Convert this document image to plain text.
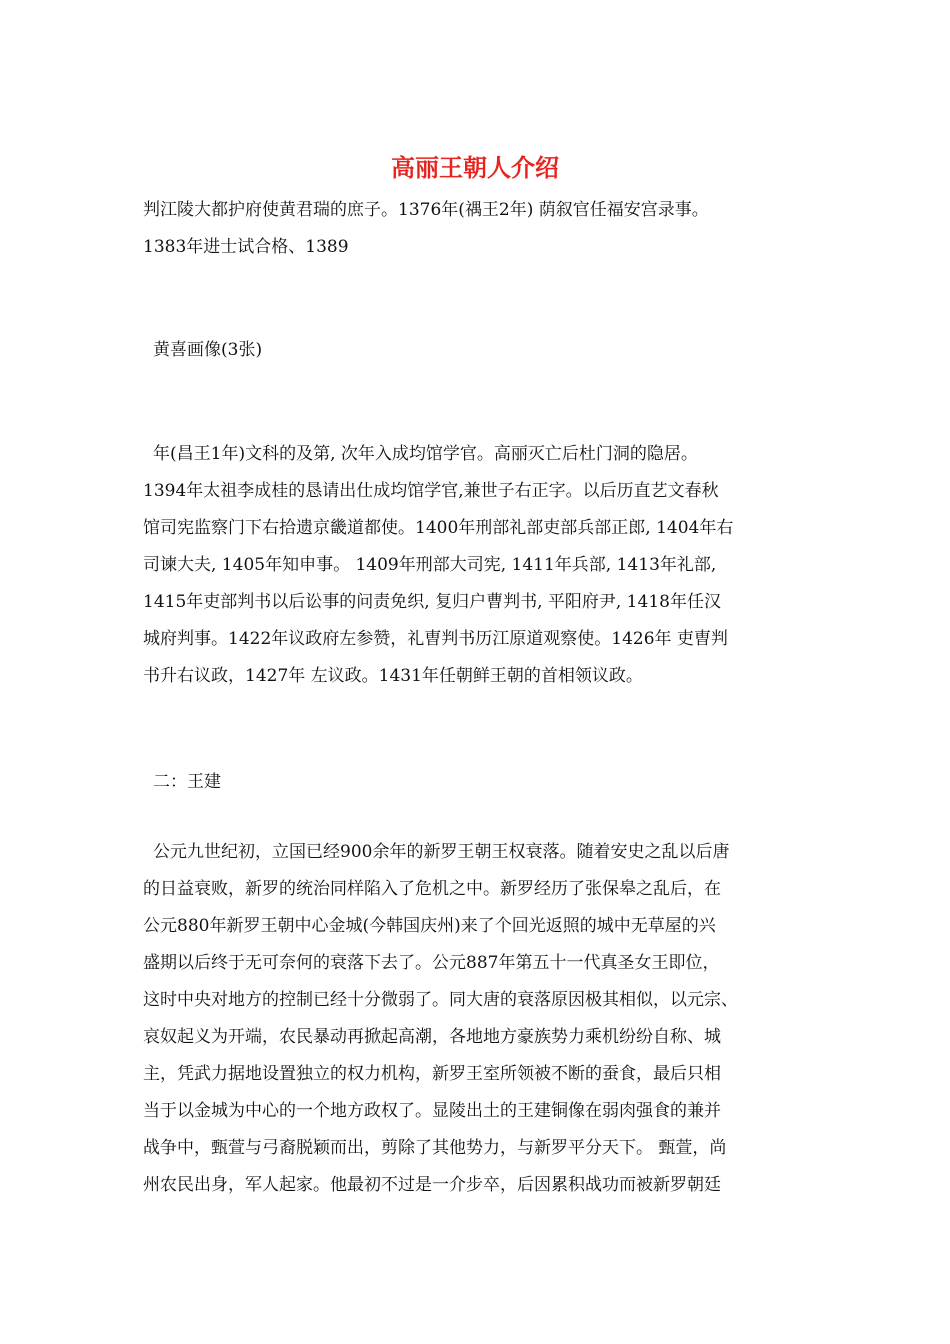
高丽王朝人介绍
判江陵大都护府使黄君瑞的庶子。1376年(禑王2年) 荫叙官任福安宫录事。
1383年进士试合格、1389
黄喜画像(3张)
年(昌王1年)文科的及第, 次年入成均馆学官。高丽灭亡后杜门洞的隐居。
1394年太祖李成桂的恳请出仕成均馆学官,兼世子右正字。以后历直艺文春秋
馆司宪监察门下右拾遗京畿道都使。1400年刑部礼部吏部兵部正郎, 1404年右
司谏大夫, 1405年知申事。 1409年刑部大司宪, 1411年兵部, 1413年礼部,
1415年吏部判书以后讼事的问责免织, 复归户曹判书, 平阳府尹, 1418年任汉
城府判事。1422年议政府左参赞，礼曺判书历江原道观察使。1426年 吏曺判
书升右议政，1427年 左议政。1431年任朝鲜王朝的首相领议政。
二：王建
公元九世纪初，立国已经900余年的新罗王朝王权衰落。随着安史之乱以后唐
的日益衰败，新罗的统治同样陷入了危机之中。新罗经历了张保皋之乱后，在
公元880年新罗王朝中心金城(今韩国庆州)来了个回光返照的城中无草屋的兴
盛期以后终于无可奈何的衰落下去了。公元887年第五十一代真圣女王即位，
这时中央对地方的控制已经十分微弱了。同大唐的衰落原因极其相似，以元宗、
哀奴起义为开端，农民暴动再掀起高潮，各地地方豪族势力乘机纷纷自称、城
主，凭武力据地设置独立的权力机构，新罗王室所领被不断的蚕食，最后只相
当于以金城为中心的一个地方政权了。显陵出土的王建铜像在弱肉强食的兼并
战争中，甄萱与弓裔脱颖而出，剪除了其他势力，与新罗平分天下。 甄萱，尚
州农民出身，军人起家。他最初不过是一介步卒，后因累积战功而被新罗朝廷
